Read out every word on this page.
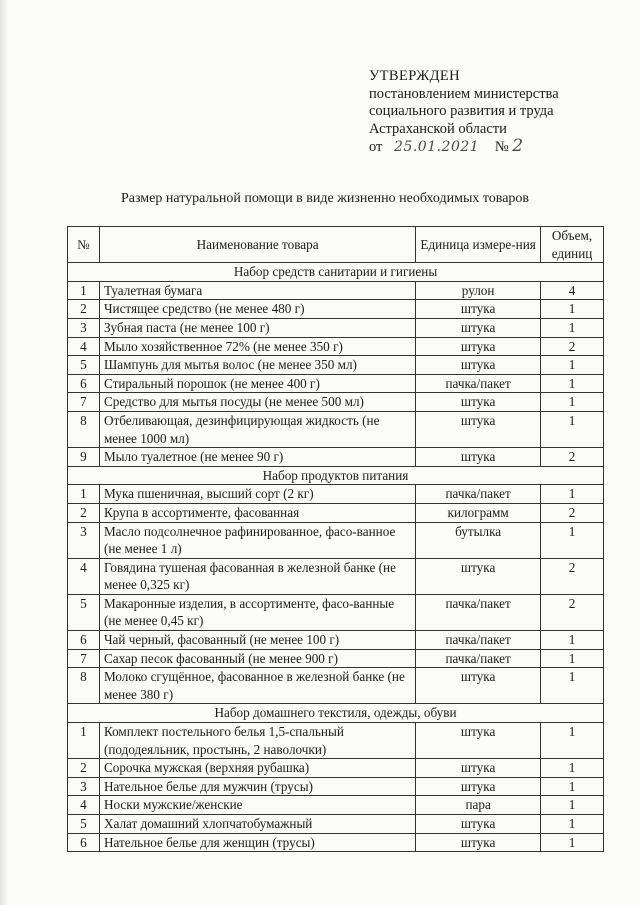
УТВЕРЖДЕН
постановлением министерства
социального развития и труда
Астраханской области
от 25.01.2021 № 2
Размер натуральной помощи в виде жизненно необходимых товаров
№	Наименование товара	Единица измере-ния	Объем, единиц
Набор средств санитарии и гигиены			
1	Туалетная бумага	рулон	4
2	Чистящее средство (не менее 480 г)	штука	1
3	Зубная паста (не менее 100 г)	штука	1
4	Мыло хозяйственное 72% (не менее 350 г)	штука	2
5	Шампунь для мытья волос (не менее 350 мл)	штука	1
6	Стиральный порошок (не менее 400 г)	пачка/пакет	1
7	Средство для мытья посуды (не менее 500 мл)	штука	1
8	Отбеливающая, дезинфицирующая жидкость (не менее 1000 мл)	штука	1
9	Мыло туалетное (не менее 90 г)	штука	2
Набор продуктов питания			
1	Мука пшеничная, высший сорт (2 кг)	пачка/пакет	1
2	Крупа в ассортименте, фасованная	килограмм	2
3	Масло подсолнечное рафинированное, фасо-ванное (не менее 1 л)	бутылка	1
4	Говядина тушеная фасованная в железной банке (не менее 0,325 кг)	штука	2
5	Макаронные изделия, в ассортименте, фасо-ванные (не менее 0,45 кг)	пачка/пакет	2
6	Чай черный, фасованный (не менее 100 г)	пачка/пакет	1
7	Сахар песок фасованный (не менее 900 г)	пачка/пакет	1
8	Молоко сгущённое, фасованное в железной банке (не менее 380 г)	штука	1
Набор домашнего текстиля, одежды, обуви			
1	Комплект постельного белья 1,5-спальный (пододеяльник, простынь, 2 наволочки)	штука	1
2	Сорочка мужская (верхняя рубашка)	штука	1
3	Нательное белье для мужчин (трусы)	штука	1
4	Носки мужские/женские	пара	1
5	Халат домашний хлопчатобумажный	штука	1
6	Нательное белье для женщин (трусы)	штука	1
